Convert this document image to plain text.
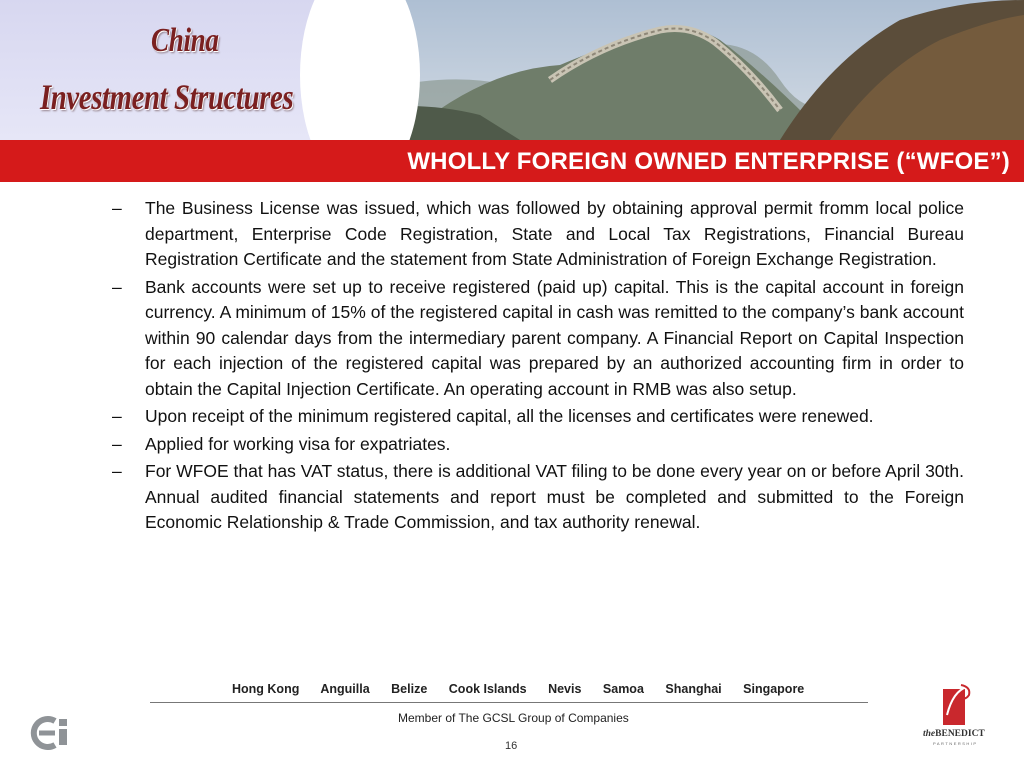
China
Investment Structures
WHOLLY FOREIGN OWNED ENTERPRISE (“WFOE”)
– The Business License was issued, which was followed by obtaining approval permit fromm local police department, Enterprise Code Registration, State and Local Tax Registrations, Financial Bureau Registration Certificate and the statement from State Administration of Foreign Exchange Registration.
– Bank accounts were set up to receive registered (paid up) capital. This is the capital account in foreign currency. A minimum of 15% of the registered capital in cash was remitted to the company’s bank account within 90 calendar days from the intermediary parent company. A Financial Report on Capital Inspection for each injection of the registered capital was prepared by an authorized accounting firm in order to obtain the Capital Injection Certificate. An operating account in RMB was also setup.
– Upon receipt of the minimum registered capital, all the licenses and certificates were renewed.
– Applied for working visa for expatriates.
– For WFOE that has VAT status, there is additional VAT filing to be done every year on or before April 30th. Annual audited financial statements and report must be completed and submitted to the Foreign Economic Relationship & Trade Commission, and tax authority renewal.
Hong Kong Anguilla Belize Cook Islands Nevis Samoa Shanghai Singapore
Member of The GCSL Group of Companies
16
theBENEDICT
PARTNERSHIP
